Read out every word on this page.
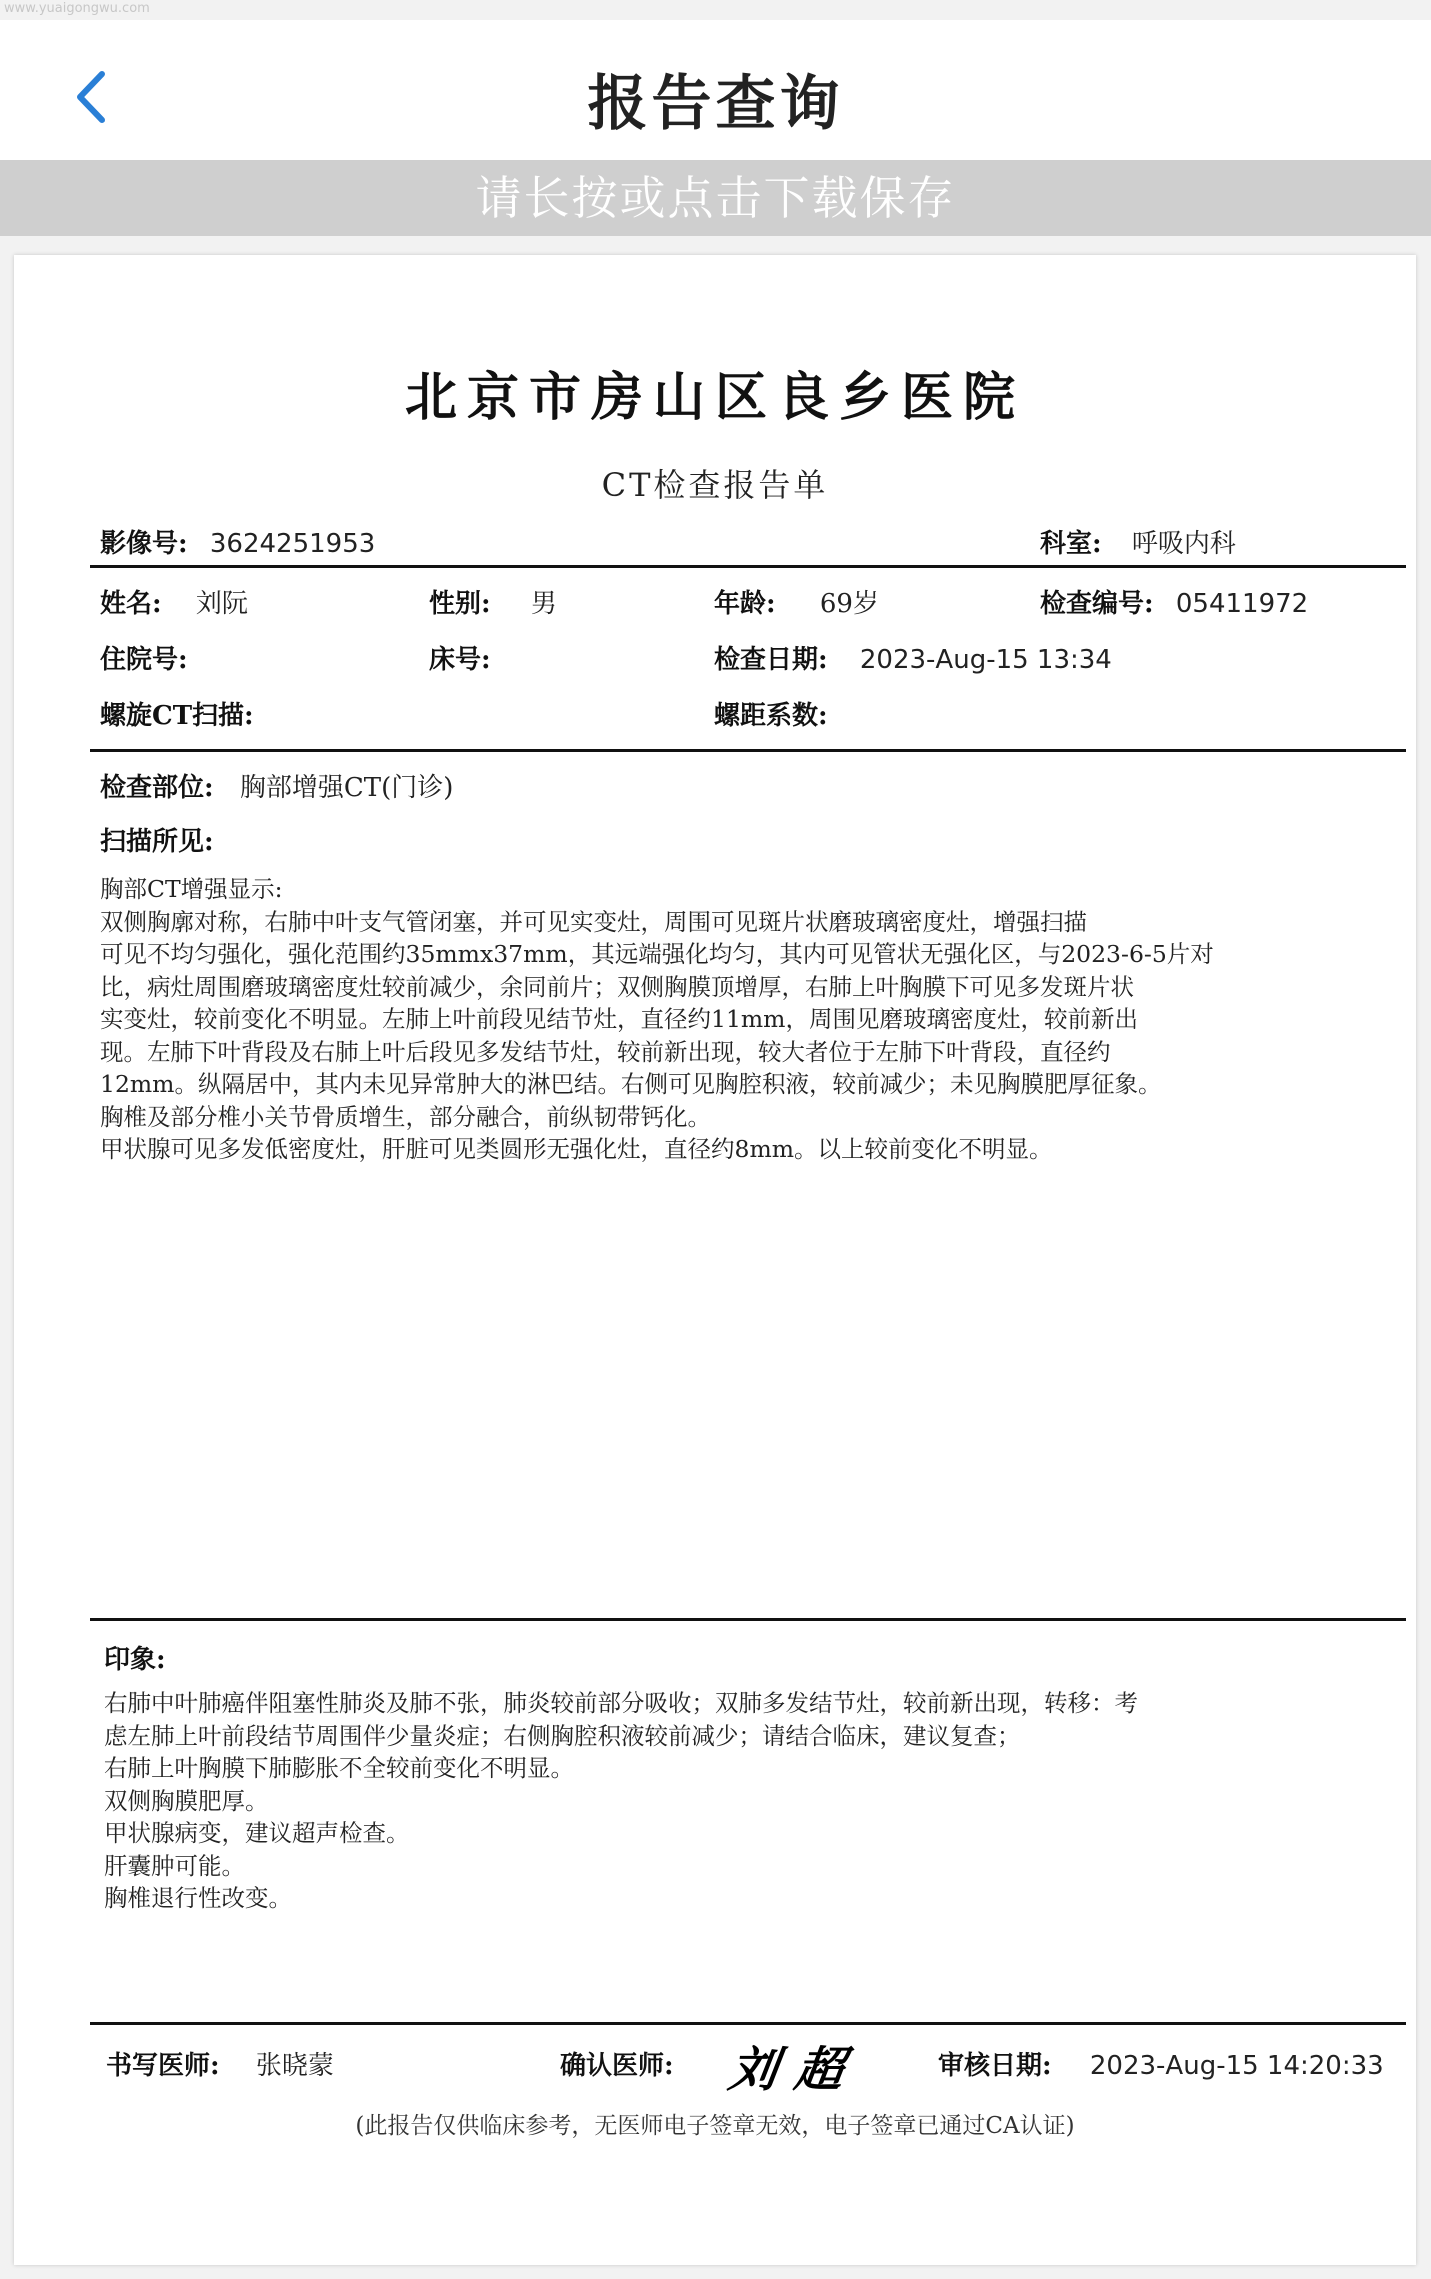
www.yuaigongwu.com
报告查询
请长按或点击下载保存
北京市房山区良乡医院
CT检查报告单
影像号: 3624251953	科室: 呼吸内科
姓名: 刘阮	性别: 男	年龄: 69岁	检查编号: 05411972
住院号:	床号:	检查日期: 2023-Aug-15 13:34
螺旋CT扫描:	螺距系数:
检查部位: 胸部增强CT(门诊)
扫描所见:
胸部CT增强显示:
双侧胸廓对称，右肺中叶支气管闭塞，并可见实变灶，周围可见斑片状磨玻璃密度灶，增强扫描
可见不均匀强化，强化范围约35mmx37mm，其远端强化均匀，其内可见管状无强化区，与2023-6-5片对
比，病灶周围磨玻璃密度灶较前减少，余同前片；双侧胸膜顶增厚，右肺上叶胸膜下可见多发斑片状
实变灶，较前变化不明显。左肺上叶前段见结节灶，直径约11mm，周围见磨玻璃密度灶，较前新出
现。左肺下叶背段及右肺上叶后段见多发结节灶，较前新出现，较大者位于左肺下叶背段，直径约
12mm。纵隔居中，其内未见异常肿大的淋巴结。右侧可见胸腔积液，较前减少；未见胸膜肥厚征象。
胸椎及部分椎小关节骨质增生，部分融合，前纵韧带钙化。
甲状腺可见多发低密度灶，肝脏可见类圆形无强化灶，直径约8mm。以上较前变化不明显。
印象:
右肺中叶肺癌伴阻塞性肺炎及肺不张，肺炎较前部分吸收；双肺多发结节灶，较前新出现，转移：考
虑左肺上叶前段结节周围伴少量炎症；右侧胸腔积液较前减少；请结合临床，建议复查；
右肺上叶胸膜下肺膨胀不全较前变化不明显。
双侧胸膜肥厚。
甲状腺病变，建议超声检查。
肝囊肿可能。
胸椎退行性改变。
书写医师: 张晓蒙	确认医师: 刘超	审核日期: 2023-Aug-15 14:20:33
(此报告仅供临床参考，无医师电子签章无效，电子签章已通过CA认证)
